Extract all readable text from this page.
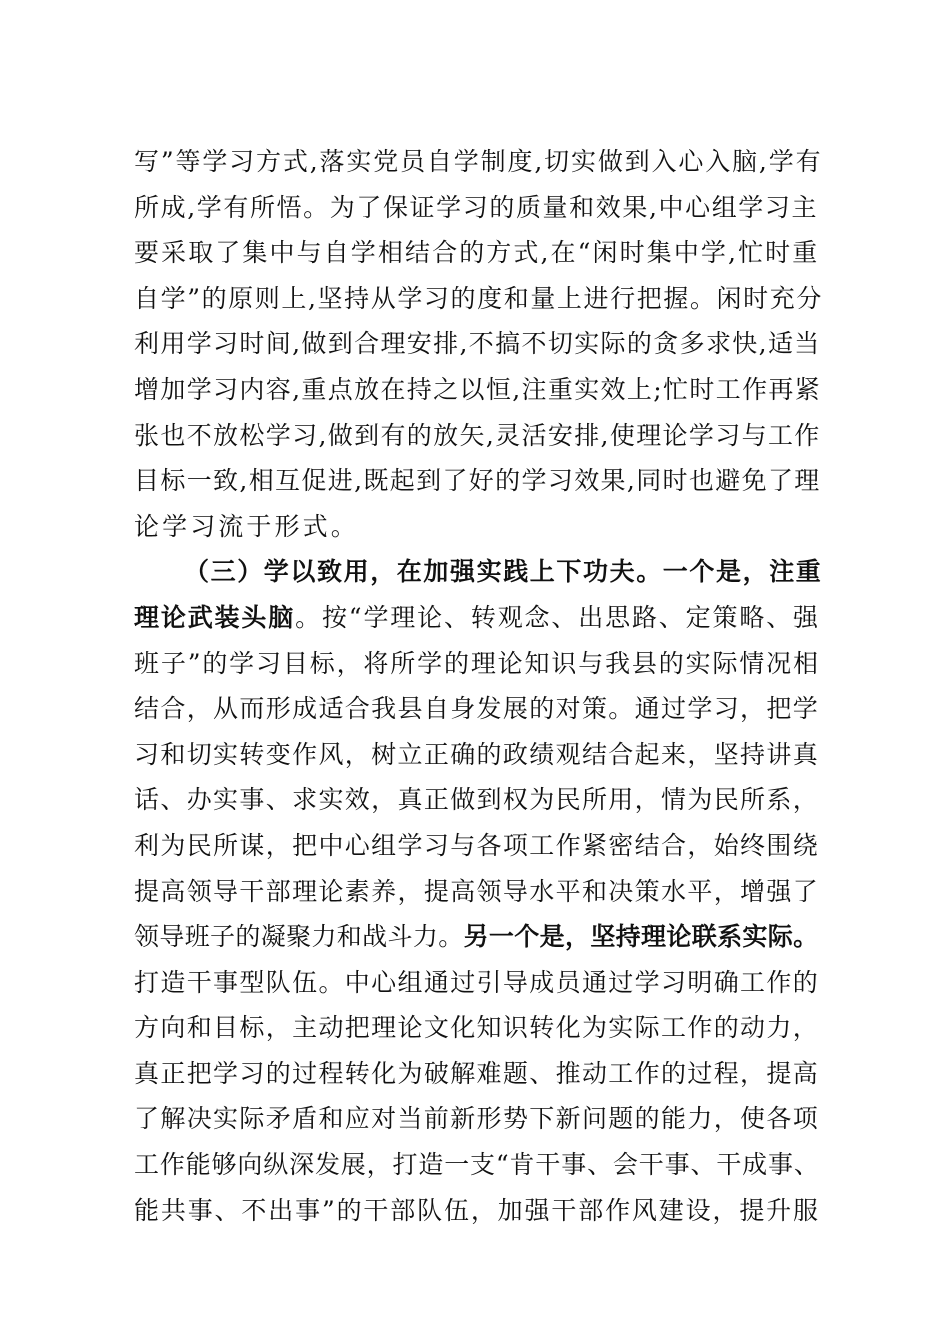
写”等学习方式,落实党员自学制度,切实做到入心入脑,学有
所成,学有所悟。为了保证学习的质量和效果,中心组学习主
要采取了集中与自学相结合的方式,在“闲时集中学,忙时重
自学”的原则上,坚持从学习的度和量上进行把握。闲时充分
利用学习时间,做到合理安排,不搞不切实际的贪多求快,适当
增加学习内容,重点放在持之以恒,注重实效上;忙时工作再紧
张也不放松学习,做到有的放矢,灵活安排,使理论学习与工作
目标一致,相互促进,既起到了好的学习效果,同时也避免了理
论学习流于形式。
（三）学以致用，在加强实践上下功夫。一个是，注重
理论武装头脑。按“学理论、转观念、出思路、定策略、强
班子”的学习目标，将所学的理论知识与我县的实际情况相
结合，从而形成适合我县自身发展的对策。通过学习，把学
习和切实转变作风，树立正确的政绩观结合起来，坚持讲真
话、办实事、求实效，真正做到权为民所用，情为民所系，
利为民所谋，把中心组学习与各项工作紧密结合，始终围绕
提高领导干部理论素养，提高领导水平和决策水平，增强了
领导班子的凝聚力和战斗力。另一个是，坚持理论联系实际。
打造干事型队伍。中心组通过引导成员通过学习明确工作的
方向和目标，主动把理论文化知识转化为实际工作的动力，
真正把学习的过程转化为破解难题、推动工作的过程，提高
了解决实际矛盾和应对当前新形势下新问题的能力，使各项
工作能够向纵深发展，打造一支“肯干事、会干事、干成事、
能共事、不出事”的干部队伍，加强干部作风建设，提升服
